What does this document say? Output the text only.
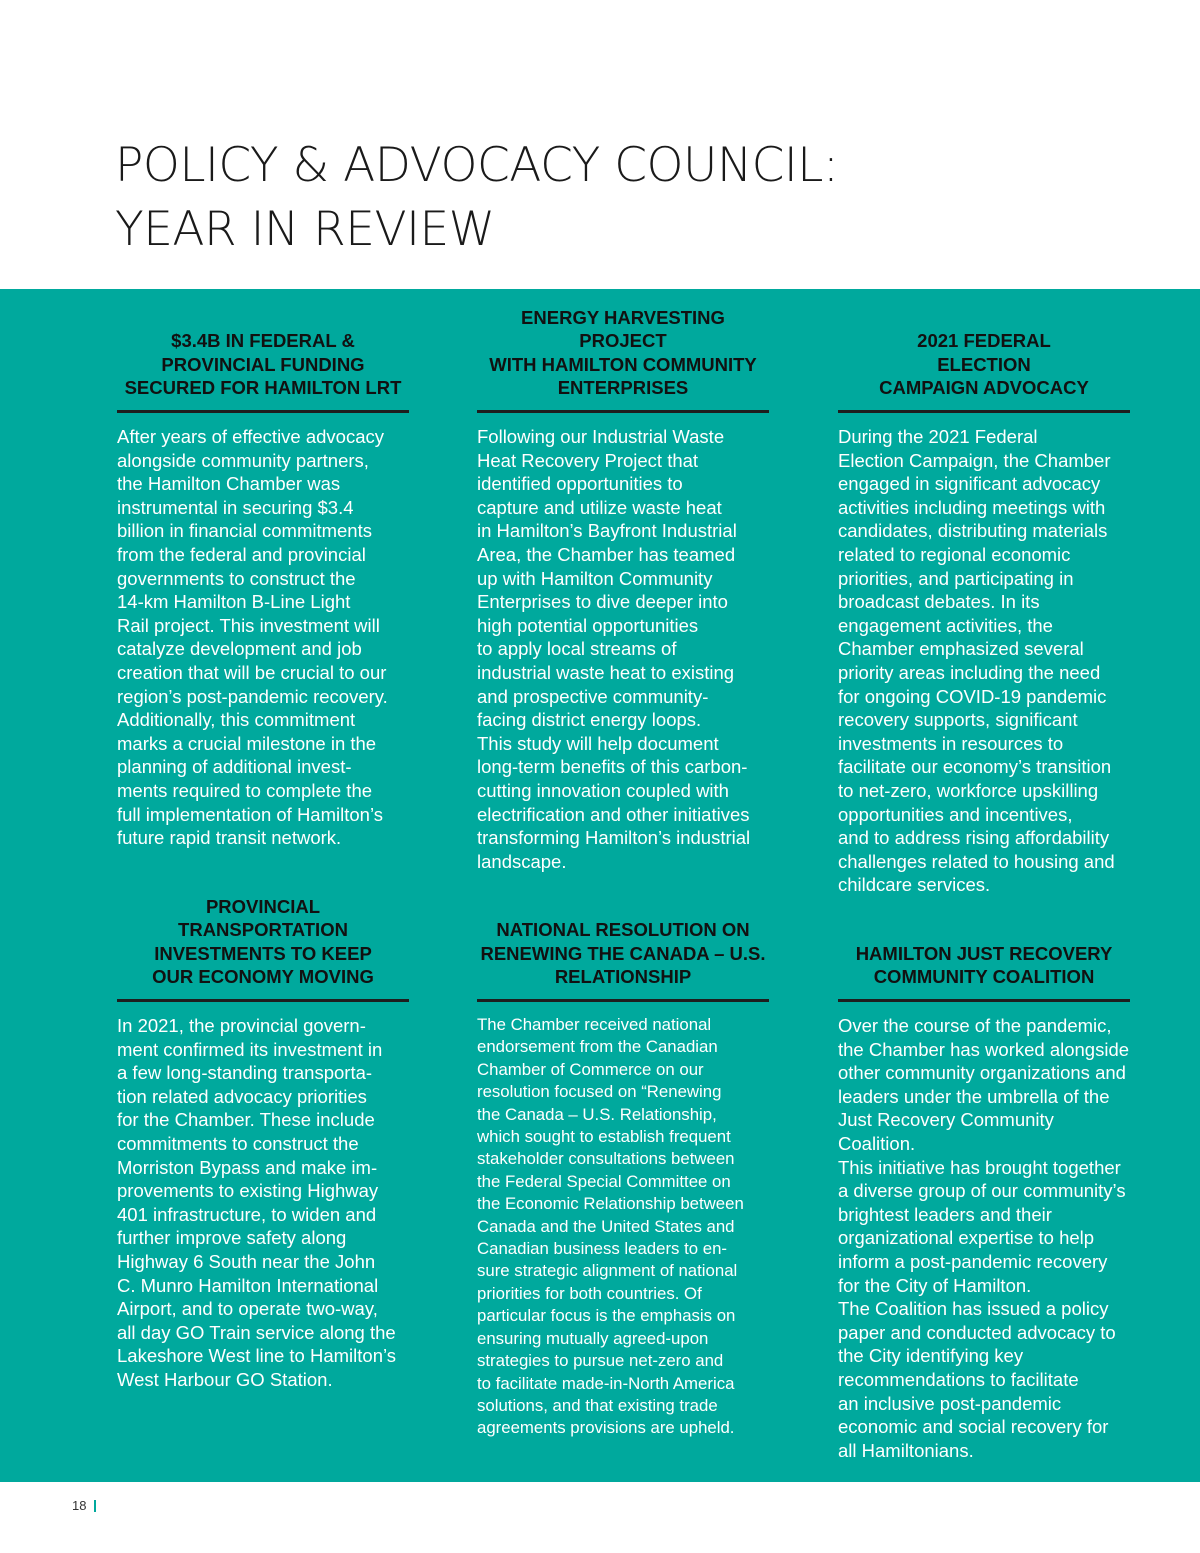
POLICY & ADVOCACY COUNCIL:
YEAR IN REVIEW
$3.4B IN FEDERAL &
PROVINCIAL FUNDING
SECURED FOR HAMILTON LRT

After years of effective advocacy
alongside community partners,
the Hamilton Chamber was
instrumental in securing $3.4
billion in financial commitments
from the federal and provincial
governments to construct the
14-km Hamilton B-Line Light
Rail project. This investment will
catalyze development and job
creation that will be crucial to our
region’s post-pandemic recovery.
Additionally, this commitment
marks a crucial milestone in the
planning of additional invest-
ments required to complete the
full implementation of Hamilton’s
future rapid transit network.

ENERGY HARVESTING PROJECT
WITH HAMILTON COMMUNITY
ENTERPRISES

Following our Industrial Waste
Heat Recovery Project that
identified opportunities to
capture and utilize waste heat
in Hamilton’s Bayfront Industrial
Area, the Chamber has teamed
up with Hamilton Community
Enterprises to dive deeper into
high potential opportunities
to apply local streams of
industrial waste heat to existing
and prospective community-
facing district energy loops.
This study will help document
long-term benefits of this carbon-
cutting innovation coupled with
electrification and other initiatives
transforming Hamilton’s industrial
landscape.

2021 FEDERAL
ELECTION
CAMPAIGN ADVOCACY

During the 2021 Federal
Election Campaign, the Chamber
engaged in significant advocacy
activities including meetings with
candidates, distributing materials
related to regional economic
priorities, and participating in
broadcast debates. In its
engagement activities, the
Chamber emphasized several
priority areas including the need
for ongoing COVID-19 pandemic
recovery supports, significant
investments in resources to
facilitate our economy’s transition
to net-zero, workforce upskilling
opportunities and incentives,
and to address rising affordability
challenges related to housing and
childcare services.

PROVINCIAL
TRANSPORTATION
INVESTMENTS TO KEEP
OUR ECONOMY MOVING

In 2021, the provincial govern-
ment confirmed its investment in
a few long-standing transporta-
tion related advocacy priorities
for the Chamber. These include
commitments to construct the
Morriston Bypass and make im-
provements to existing Highway
401 infrastructure, to widen and
further improve safety along
Highway 6 South near the John
C. Munro Hamilton International
Airport, and to operate two-way,
all day GO Train service along the
Lakeshore West line to Hamilton’s
West Harbour GO Station.

NATIONAL RESOLUTION ON
RENEWING THE CANADA – U.S.
RELATIONSHIP

The Chamber received national
endorsement from the Canadian
Chamber of Commerce on our
resolution focused on “Renewing
the Canada – U.S. Relationship,
which sought to establish frequent
stakeholder consultations between
the Federal Special Committee on
the Economic Relationship between
Canada and the United States and
Canadian business leaders to en-
sure strategic alignment of national
priorities for both countries. Of
particular focus is the emphasis on
ensuring mutually agreed-upon
strategies to pursue net-zero and
to facilitate made-in-North America
solutions, and that existing trade
agreements provisions are upheld.

HAMILTON JUST RECOVERY
COMMUNITY COALITION

Over the course of the pandemic,
the Chamber has worked alongside
other community organizations and
leaders under the umbrella of the
Just Recovery Community Coalition.
This initiative has brought together
a diverse group of our community’s
brightest leaders and their
organizational expertise to help
inform a post-pandemic recovery
for the City of Hamilton.
The Coalition has issued a policy
paper and conducted advocacy to
the City identifying key
recommendations to facilitate
an inclusive post-pandemic
economic and social recovery for
all Hamiltonians.

18
